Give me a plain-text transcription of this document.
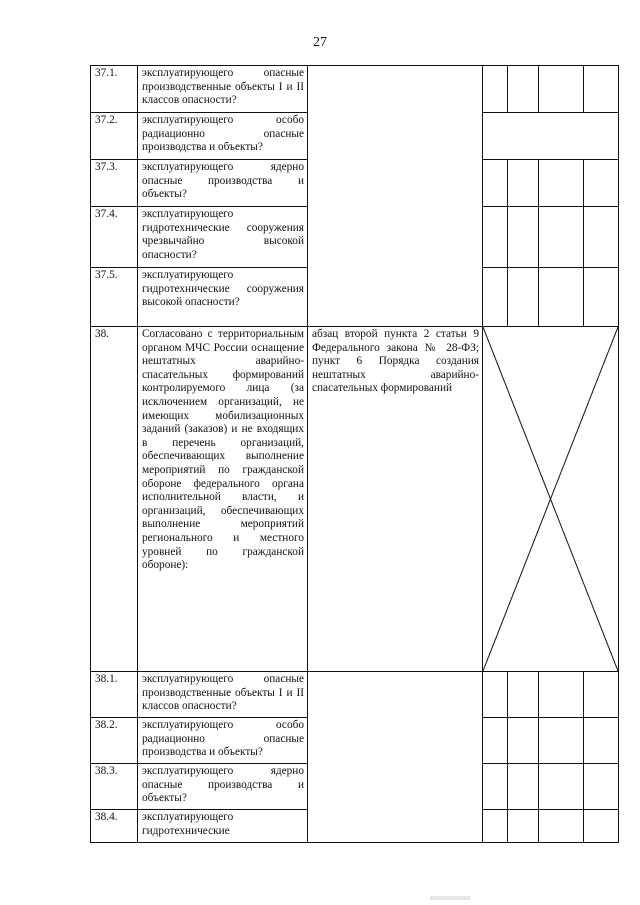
27
37.1.	эксплуатирующего опасные производственные объекты I и II классов опасности?					
37.2.	эксплуатирующего особо радиационно опасные производства и объекты?					
37.3.	эксплуатирующего ядерно опасные производства и объекты?					
37.4.	эксплуатирующего гидротехнические сооружения чрезвычайно высокой опасности?					
37.5.	эксплуатирующего гидротехнические сооружения высокой опасности?					
38.	Согласовано с территориальным органом МЧС России оснащение нештатных аварийно-спасательных формирований контролируемого лица (за исключением организаций, не имеющих мобилизационных заданий (заказов) и не входящих в перечень организаций, обеспечивающих выполнение мероприятий по гражданской обороне федерального органа исполнительной власти, и организаций, обеспечивающих выполнение мероприятий регионального и местного уровней по гражданской обороне):	абзац второй пункта 2 статьи 9 Федерального закона № 28-ФЗ; пункт 6 Порядка создания нештатных аварийно-спасательных формирований	

38.1.	эксплуатирующего опасные производственные объекты I и II классов опасности?					
38.2.	эксплуатирующего особо радиационно опасные производства и объекты?					
38.3.	эксплуатирующего ядерно опасные производства и объекты?					
38.4.	эксплуатирующего гидротехнические					
